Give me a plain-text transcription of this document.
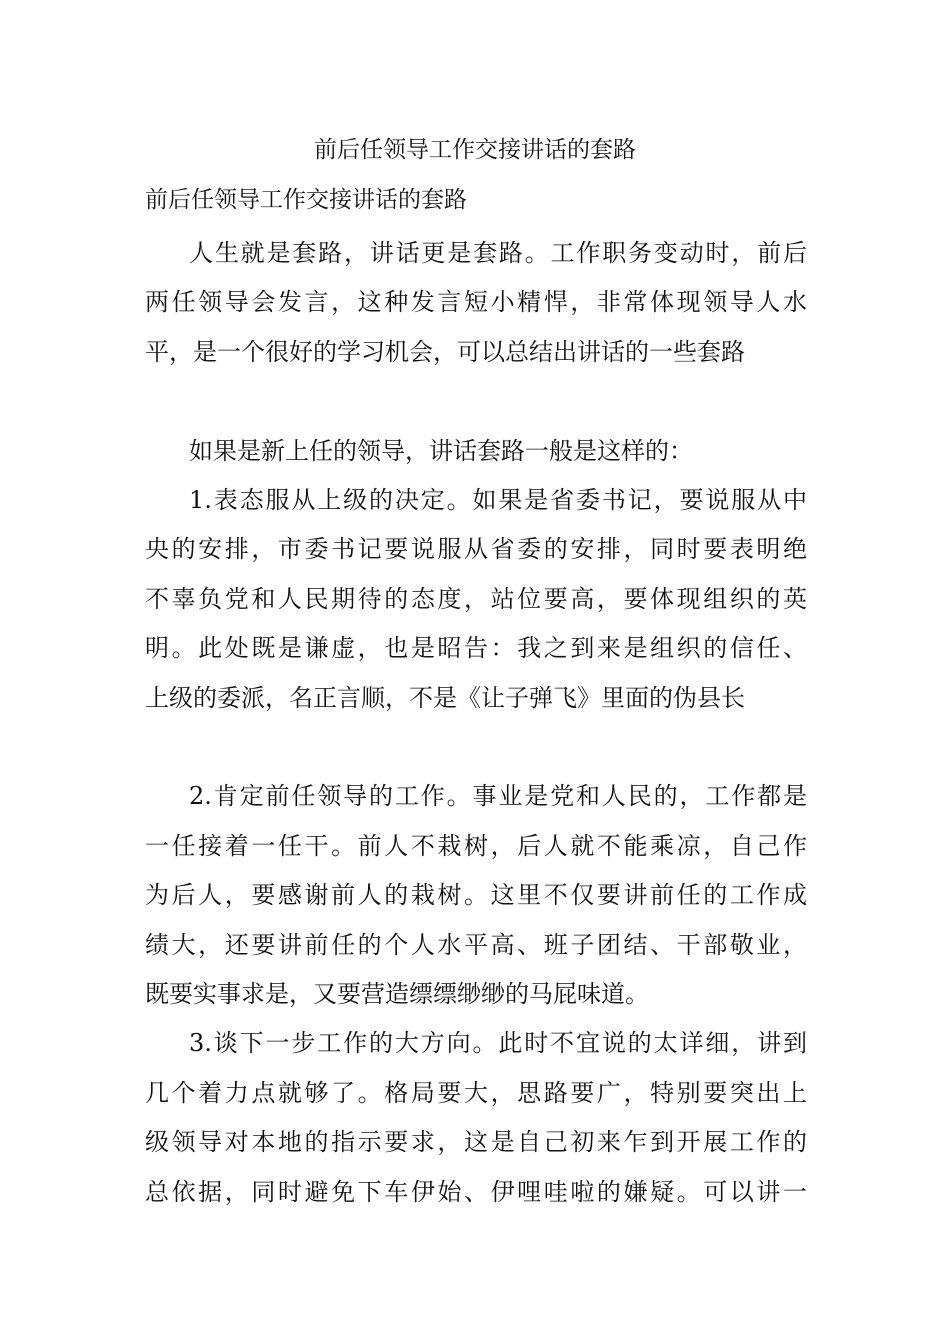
前后任领导工作交接讲话的套路
前后任领导工作交接讲话的套路

人生就是套路，讲话更是套路。工作职务变动时，前后
两任领导会发言，这种发言短小精悍，非常体现领导人水
平，是一个很好的学习机会，可以总结出讲话的一些套路

如果是新上任的领导，讲话套路一般是这样的：

1.表态服从上级的决定。如果是省委书记，要说服从中
央的安排，市委书记要说服从省委的安排，同时要表明绝
不辜负党和人民期待的态度，站位要高，要体现组织的英
明。此处既是谦虚，也是昭告：我之到来是组织的信任、
上级的委派，名正言顺，不是《让子弹飞》里面的伪县长

2.肯定前任领导的工作。事业是党和人民的，工作都是
一任接着一任干。前人不栽树，后人就不能乘凉，自己作
为后人，要感谢前人的栽树。这里不仅要讲前任的工作成
绩大，还要讲前任的个人水平高、班子团结、干部敬业，
既要实事求是，又要营造缥缥缈缈的马屁味道。

3.谈下一步工作的大方向。此时不宜说的太详细，讲到
几个着力点就够了。格局要大，思路要广，特别要突出上
级领导对本地的指示要求，这是自己初来乍到开展工作的
总依据，同时避免下车伊始、伊哩哇啦的嫌疑。可以讲一
